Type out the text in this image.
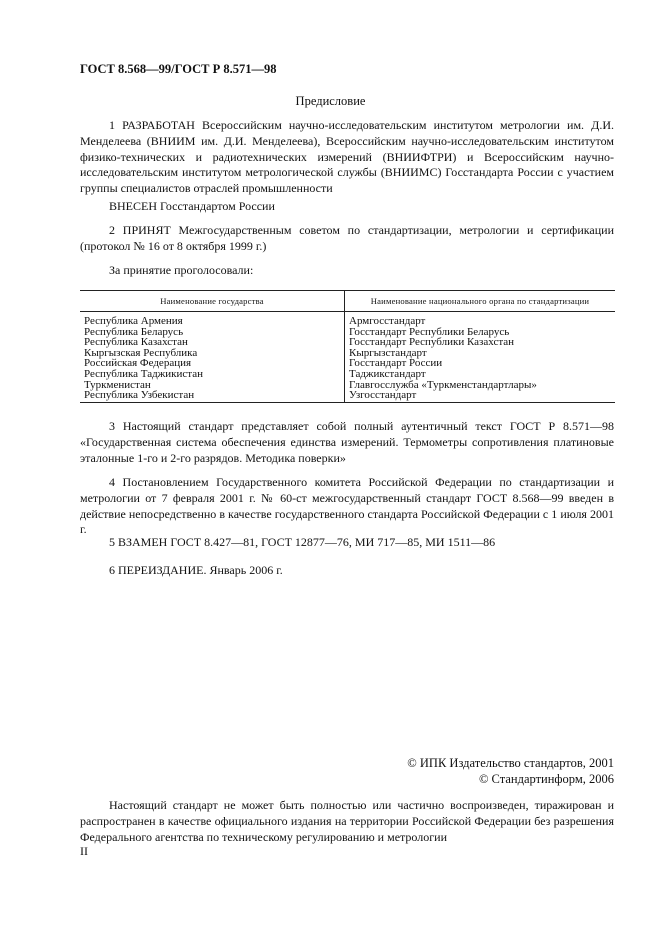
ГОСТ 8.568—99/ГОСТ Р 8.571—98
Предисловие

1 РАЗРАБОТАН Всероссийским научно-исследовательским институтом метрологии им. Д.И. Менделеева (ВНИИМ им. Д.И. Менделеева), Всероссийским научно-исследовательским институтом физико-технических и радиотехнических измерений (ВНИИФТРИ) и Всероссийским научно-исследовательским институтом метрологической службы (ВНИИМС) Госстандарта России с участием группы специалистов отраслей промышленности

ВНЕСЕН Госстандартом России

2 ПРИНЯТ Межгосударственным советом по стандартизации, метрологии и сертификации (протокол № 16 от 8 октября 1999 г.)

За принятие проголосовали:

Наименование государства	Наименование национального органа по стандартизации
Республика Армения	Армгосстандарт
Республика Беларусь	Госстандарт Республики Беларусь
Республика Казахстан	Госстандарт Республики Казахстан
Кыргызская Республика	Кыргызстандарт
Российская Федерация	Госстандарт России
Республика Таджикистан	Таджикстандарт
Туркменистан	Главгосслужба «Туркменстандартлары»
Республика Узбекистан	Узгосстандарт

3 Настоящий стандарт представляет собой полный аутентичный текст ГОСТ Р 8.571—98 «Государственная система обеспечения единства измерений. Термометры сопротивления платиновые эталонные 1-го и 2-го разрядов. Методика поверки»

4 Постановлением Государственного комитета Российской Федерации по стандартизации и метрологии от 7 февраля 2001 г. № 60-ст межгосударственный стандарт ГОСТ 8.568—99 введен в действие непосредственно в качестве государственного стандарта Российской Федерации с 1 июля 2001 г.

5 ВЗАМЕН ГОСТ 8.427—81, ГОСТ 12877—76, МИ 717—85, МИ 1511—86

6 ПЕРЕИЗДАНИЕ. Январь 2006 г.

© ИПК Издательство стандартов, 2001
© Стандартинформ, 2006

Настоящий стандарт не может быть полностью или частично воспроизведен, тиражирован и распространен в качестве официального издания на территории Российской Федерации без разрешения Федерального агентства по техническому регулированию и метрологии

II
